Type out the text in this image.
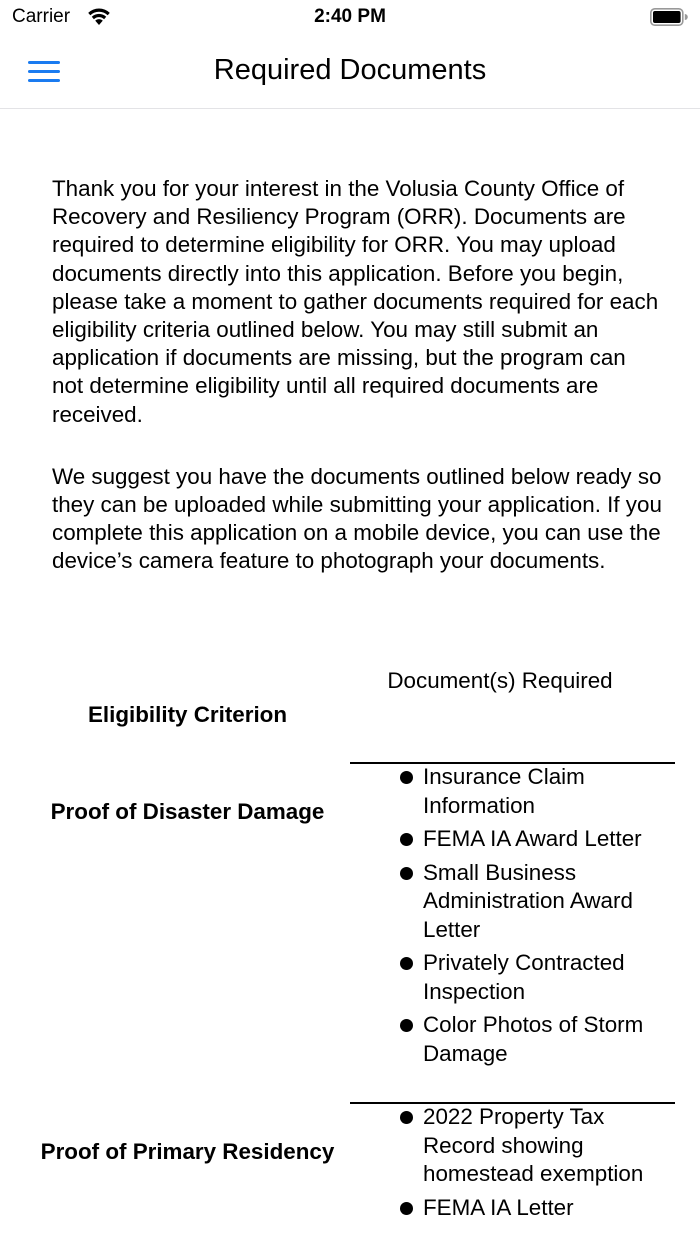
Carrier	2:40 PM
Required Documents

Thank you for your interest in the Volusia County Office of Recovery and Resiliency Program (ORR). Documents are required to determine eligibility for ORR. You may upload documents directly into this application. Before you begin, please take a moment to gather documents required for each eligibility criteria outlined below. You may still submit an application if documents are missing, but the program can not determine eligibility until all required documents are received.

We suggest you have the documents outlined below ready so they can be uploaded while submitting your application. If you complete this application on a mobile device, you can use the device’s camera feature to photograph your documents.

Document(s) Required
Eligibility Criterion
Proof of Disaster Damage
Insurance Claim Information
FEMA IA Award Letter
Small Business Administration Award Letter
Privately Contracted Inspection
Color Photos of Storm Damage
Proof of Primary Residency
2022 Property Tax Record showing homestead exemption
FEMA IA Letter
